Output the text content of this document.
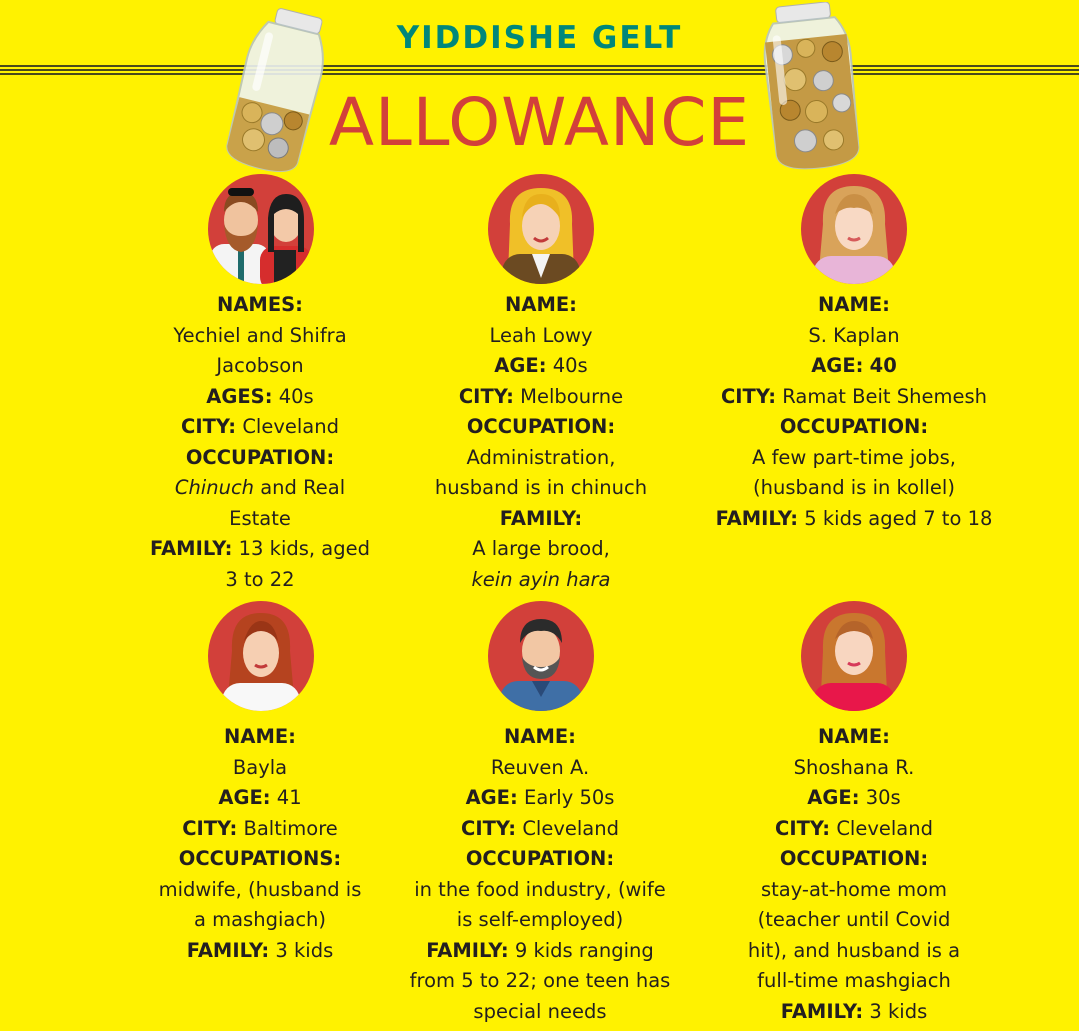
YIDDISHE GELT
ALLOWANCE
NAMES:
Yechiel and Shifra
Jacobson
AGES: 40s
CITY: Cleveland
OCCUPATION:
Chinuch and Real
Estate
FAMILY: 13 kids, aged
3 to 22
NAME:
Leah Lowy
AGE: 40s
CITY: Melbourne
OCCUPATION:
Administration,
husband is in chinuch
FAMILY:
A large brood,
kein ayin hara
NAME:
S. Kaplan
AGE: 40
CITY: Ramat Beit Shemesh
OCCUPATION:
A few part-time jobs,
(husband is in kollel)
FAMILY: 5 kids aged 7 to 18
NAME:
Bayla
AGE: 41
CITY: Baltimore
OCCUPATIONS:
midwife, (husband is
a mashgiach)
FAMILY: 3 kids
NAME:
Reuven A.
AGE: Early 50s
CITY: Cleveland
OCCUPATION:
in the food industry, (wife
is self-employed)
FAMILY: 9 kids ranging
from 5 to 22; one teen has
special needs
NAME:
Shoshana R.
AGE: 30s
CITY: Cleveland
OCCUPATION:
stay-at-home mom
(teacher until Covid
hit), and husband is a
full-time mashgiach
FAMILY: 3 kids
